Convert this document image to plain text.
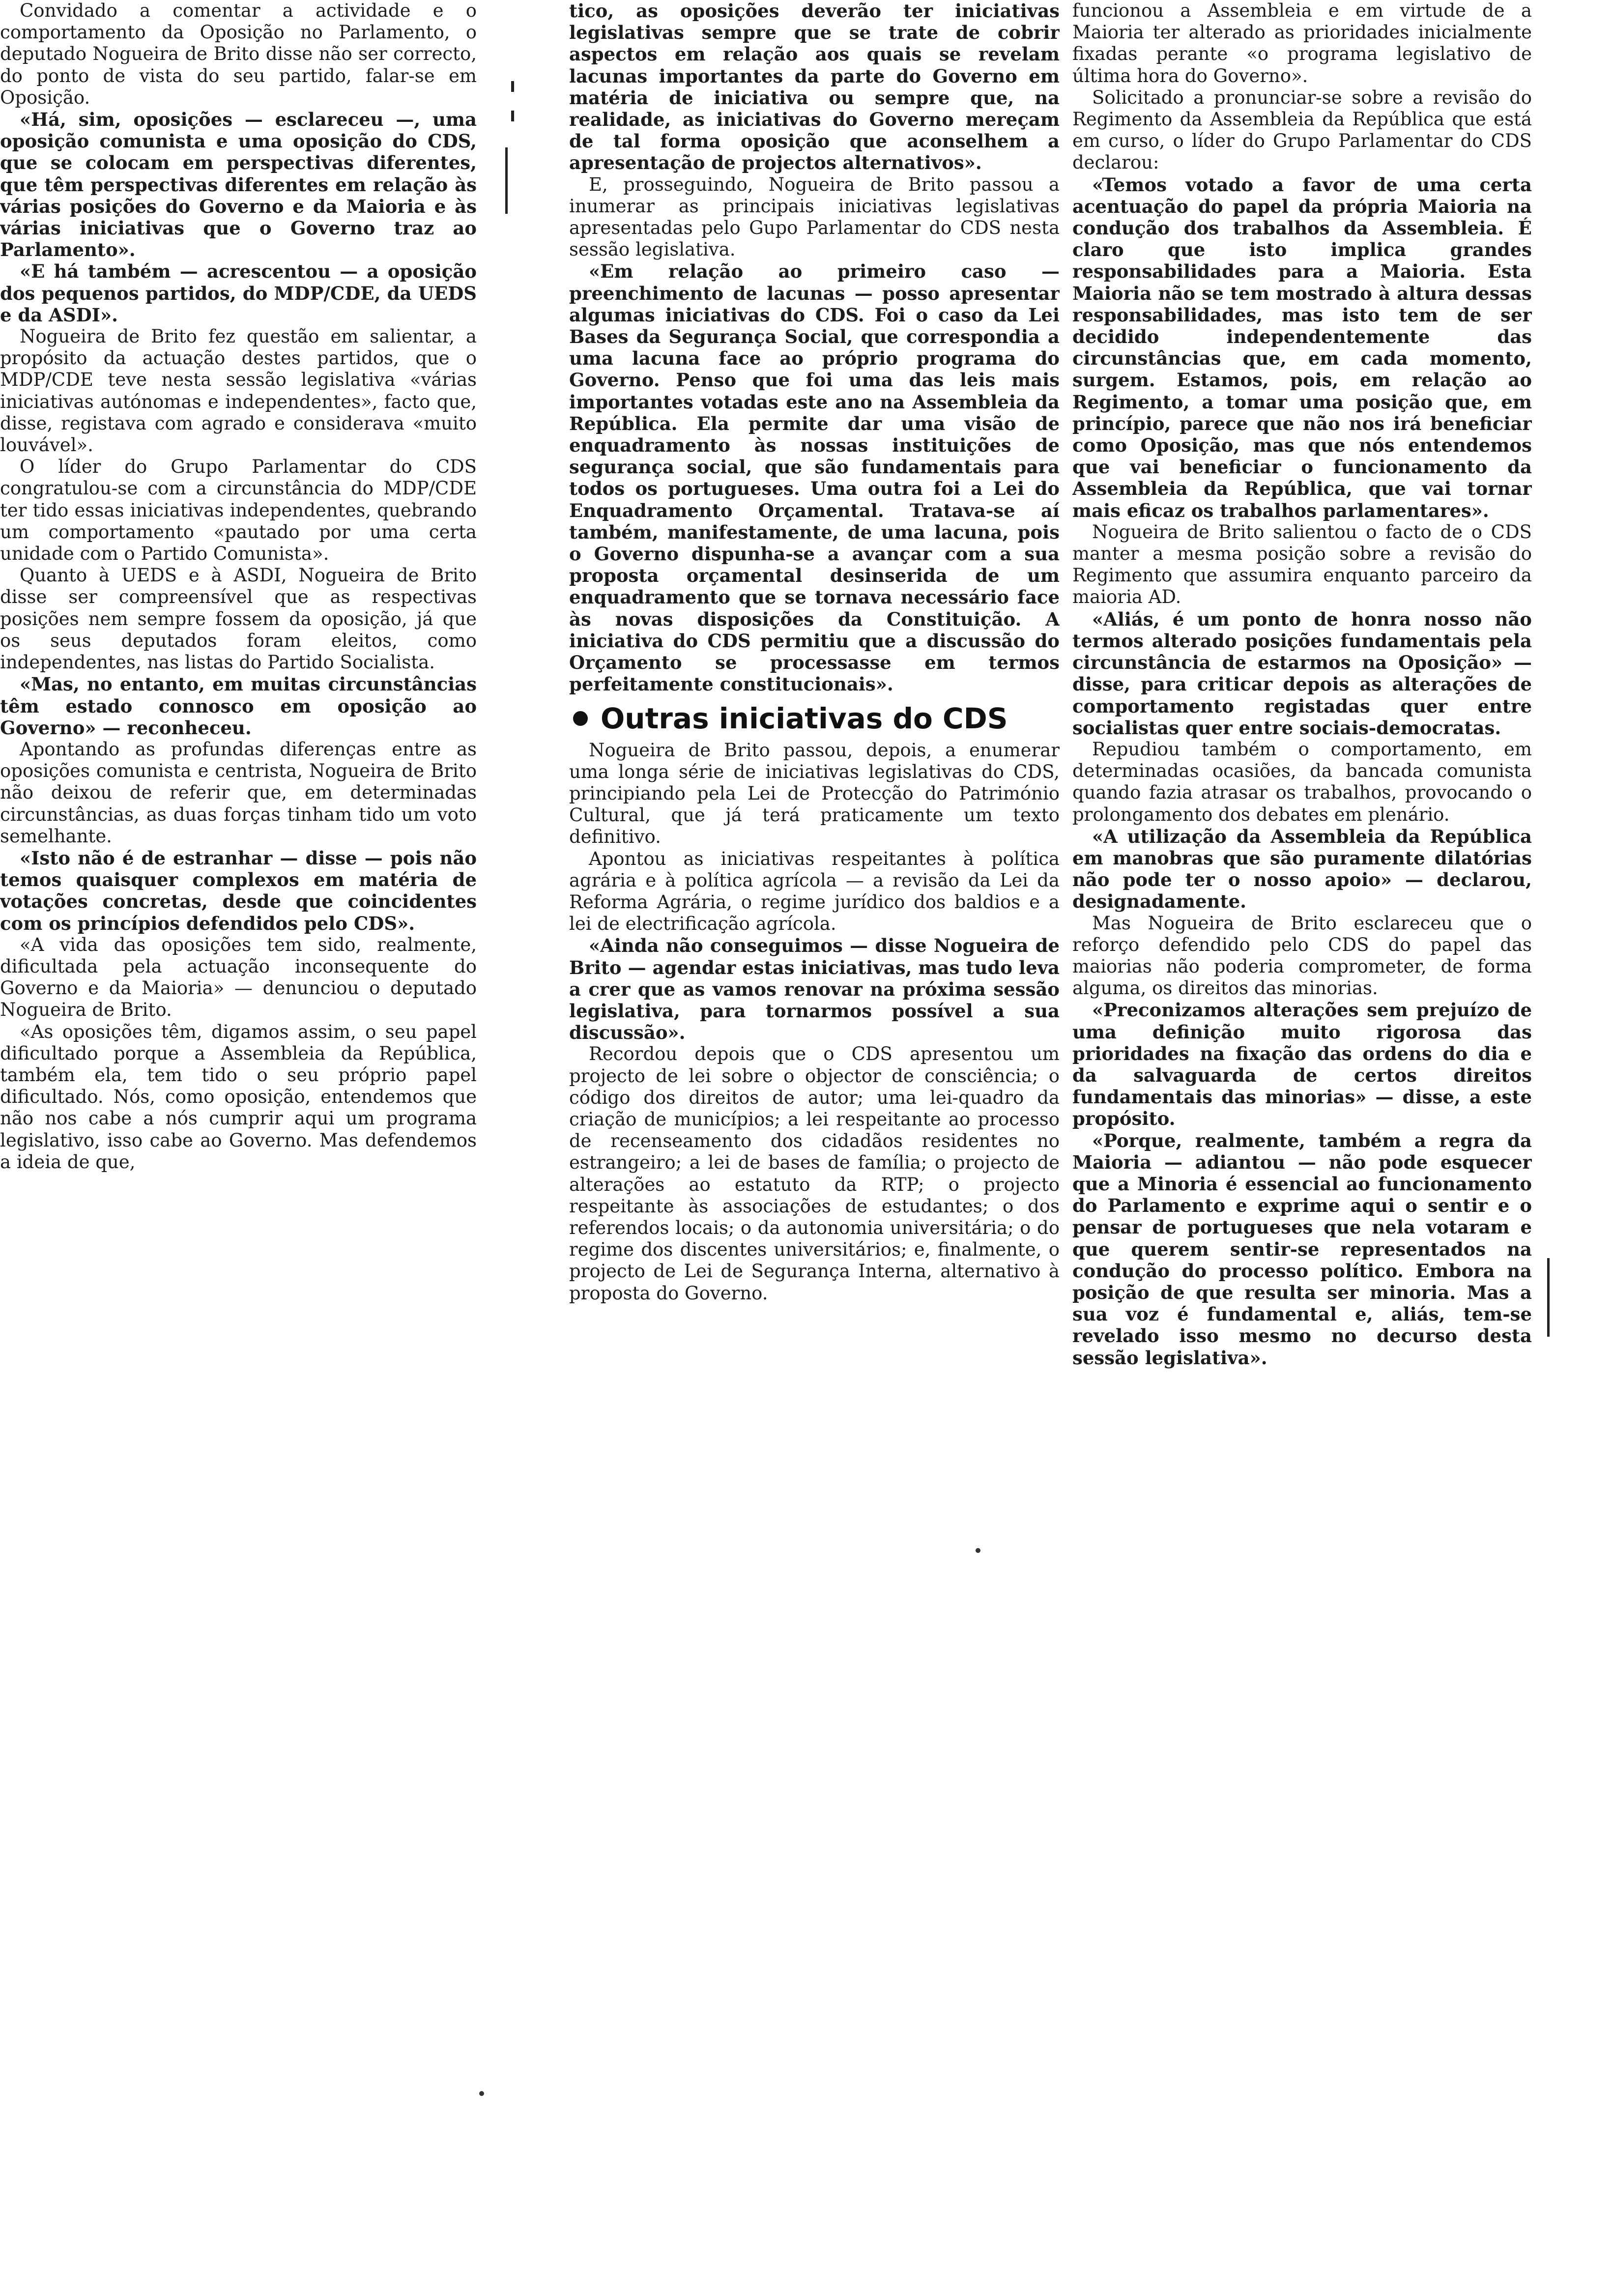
Convidado a comentar a actividade e o comportamento da Oposição no Parlamento, o deputado Nogueira de Brito disse não ser correcto, do ponto de vista do seu partido, falar-se em Oposição.

«Há, sim, oposições — esclareceu —, uma oposição comunista e uma oposição do CDS, que se colocam em perspectivas diferentes, que têm perspectivas diferentes em relação às várias posições do Governo e da Maioria e às várias iniciativas que o Governo traz ao Parlamento».

«E há também — acrescentou — a oposição dos pequenos partidos, do MDP/CDE, da UEDS e da ASDI».

Nogueira de Brito fez questão em salientar, a propósito da actuação destes partidos, que o MDP/CDE teve nesta sessão legislativa «várias iniciativas autónomas e independentes», facto que, disse, registava com agrado e considerava «muito louvável».

O líder do Grupo Parlamentar do CDS congratulou-se com a circunstância do MDP/CDE ter tido essas iniciativas independentes, quebrando um comportamento «pautado por uma certa unidade com o Partido Comunista».

Quanto à UEDS e à ASDI, Nogueira de Brito disse ser compreensível que as respectivas posições nem sempre fossem da oposição, já que os seus deputados foram eleitos, como independentes, nas listas do Partido Socialista.

«Mas, no entanto, em muitas circunstâncias têm estado connosco em oposição ao Governo» — reconheceu.

Apontando as profundas diferenças entre as oposições comunista e centrista, Nogueira de Brito não deixou de referir que, em determinadas circunstâncias, as duas forças tinham tido um voto semelhante.

«Isto não é de estranhar — disse — pois não temos quaisquer complexos em matéria de votações concretas, desde que coincidentes com os princípios defendidos pelo CDS».

«A vida das oposições tem sido, realmente, dificultada pela actuação inconsequente do Governo e da Maioria» — denunciou o deputado Nogueira de Brito.

«As oposições têm, digamos assim, o seu papel dificultado porque a Assembleia da República, também ela, tem tido o seu próprio papel dificultado. Nós, como oposição, entendemos que não nos cabe a nós cumprir aqui um programa legislativo, isso cabe ao Governo. Mas defendemos a ideia de que,

tico, as oposições deverão ter iniciativas legislativas sempre que se trate de cobrir aspectos em relação aos quais se revelam lacunas importantes da parte do Governo em matéria de iniciativa ou sempre que, na realidade, as iniciativas do Governo mereçam de tal forma oposição que aconselhem a apresentação de projectos alternativos».

E, prosseguindo, Nogueira de Brito passou a inumerar as principais iniciativas legislativas apresentadas pelo Gupo Parlamentar do CDS nesta sessão legislativa.

«Em relação ao primeiro caso — preenchimento de lacunas — posso apresentar algumas iniciativas do CDS. Foi o caso da Lei Bases da Segurança Social, que correspondia a uma lacuna face ao próprio programa do Governo. Penso que foi uma das leis mais importantes votadas este ano na Assembleia da República. Ela permite dar uma visão de enquadramento às nossas instituições de segurança social, que são fundamentais para todos os portugueses. Uma outra foi a Lei do Enquadramento Orçamental. Tratava-se aí também, manifestamente, de uma lacuna, pois o Governo dispunha-se a avançar com a sua proposta orçamental desinserida de um enquadramento que se tornava necessário face às novas disposições da Constituição. A iniciativa do CDS permitiu que a discussão do Orçamento se processasse em termos perfeitamente constitucionais».

Outras iniciativas do CDS

Nogueira de Brito passou, depois, a enumerar uma longa série de iniciativas legislativas do CDS, principiando pela Lei de Protecção do Património Cultural, que já terá praticamente um texto definitivo.

Apontou as iniciativas respeitantes à política agrária e à política agrícola — a revisão da Lei da Reforma Agrária, o regime jurídico dos baldios e a lei de electrificação agrícola.

«Ainda não conseguimos — disse Nogueira de Brito — agendar estas iniciativas, mas tudo leva a crer que as vamos renovar na próxima sessão legislativa, para tornarmos possível a sua discussão».

Recordou depois que o CDS apresentou um projecto de lei sobre o objector de consciência; o código dos direitos de autor; uma lei-quadro da criação de municípios; a lei respeitante ao processo de recenseamento dos cidadãos residentes no estrangeiro; a lei de bases de família; o projecto de alterações ao estatuto da RTP; o projecto respeitante às associações de estudantes; o dos referendos locais; o da autonomia universitária; o do regime dos discentes universitários; e, finalmente, o projecto de Lei de Segurança Interna, alternativo à proposta do Governo.

funcionou a Assembleia e em virtude de a Maioria ter alterado as prioridades inicialmente fixadas perante «o programa legislativo de última hora do Governo».

Solicitado a pronunciar-se sobre a revisão do Regimento da Assembleia da República que está em curso, o líder do Grupo Parlamentar do CDS declarou:

«Temos votado a favor de uma certa acentuação do papel da própria Maioria na condução dos trabalhos da Assembleia. É claro que isto implica grandes responsabilidades para a Maioria. Esta Maioria não se tem mostrado à altura dessas responsabilidades, mas isto tem de ser decidido independentemente das circunstâncias que, em cada momento, surgem. Estamos, pois, em relação ao Regimento, a tomar uma posição que, em princípio, parece que não nos irá beneficiar como Oposição, mas que nós entendemos que vai beneficiar o funcionamento da Assembleia da República, que vai tornar mais eficaz os trabalhos parlamentares».

Nogueira de Brito salientou o facto de o CDS manter a mesma posição sobre a revisão do Regimento que assumira enquanto parceiro da maioria AD.

«Aliás, é um ponto de honra nosso não termos alterado posições fundamentais pela circunstância de estarmos na Oposição» — disse, para criticar depois as alterações de comportamento registadas quer entre socialistas quer entre sociais-democratas.

Repudiou também o comportamento, em determinadas ocasiões, da bancada comunista quando fazia atrasar os trabalhos, provocando o prolongamento dos debates em plenário.

«A utilização da Assembleia da República em manobras que são puramente dilatórias não pode ter o nosso apoio» — declarou, designadamente.

Mas Nogueira de Brito esclareceu que o reforço defendido pelo CDS do papel das maiorias não poderia comprometer, de forma alguma, os direitos das minorias.

«Preconizamos alterações sem prejuízo de uma definição muito rigorosa das prioridades na fixação das ordens do dia e da salvaguarda de certos direitos fundamentais das minorias» — disse, a este propósito.

«Porque, realmente, também a regra da Maioria — adiantou — não pode esquecer que a Minoria é essencial ao funcionamento do Parlamento e exprime aqui o sentir e o pensar de portugueses que nela votaram e que querem sentir-se representados na condução do processo político. Embora na posição de que resulta ser minoria. Mas a sua voz é fundamental e, aliás, tem-se revelado isso mesmo no decurso desta sessão legislativa».
